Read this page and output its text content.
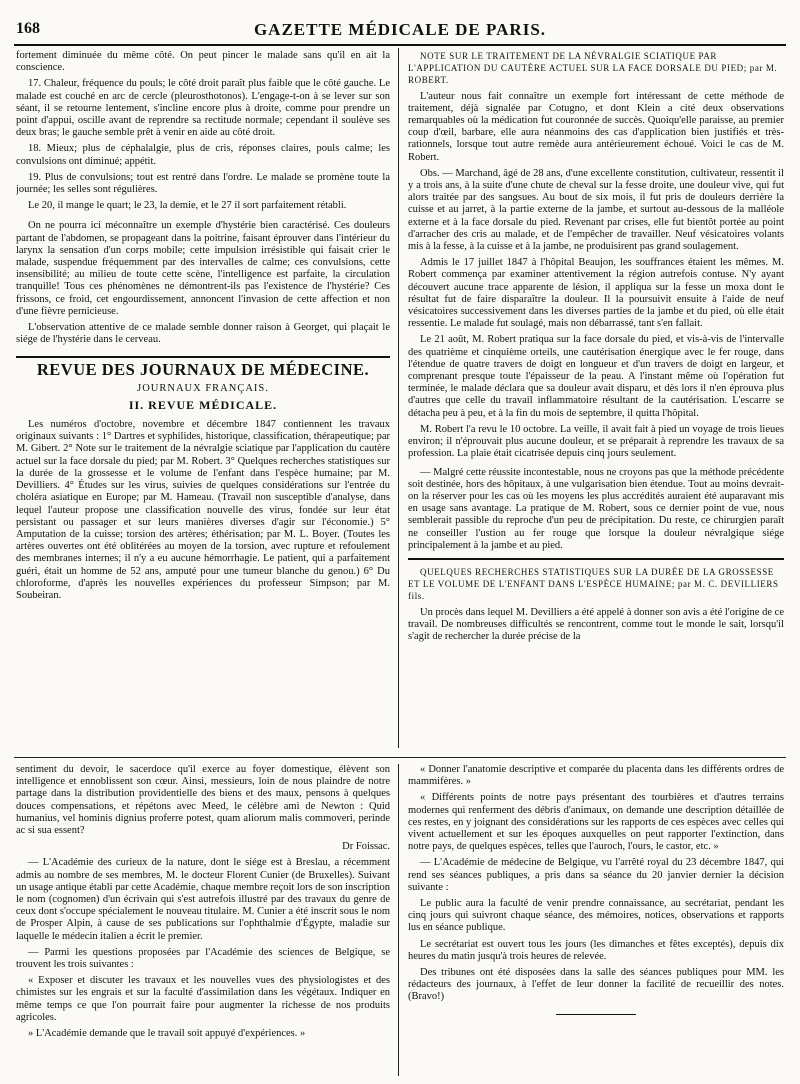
168	GAZETTE MÉDICALE DE PARIS.

fortement diminuée du même côté. On peut pincer le malade sans qu'il en ait la conscience.

17. Chaleur, fréquence du pouls; le côté droit paraît plus faible que le côté gauche. Le malade est couché en arc de cercle (pleurosthotonos). L'engage-t-on à se lever sur son séant, il se retourne lentement, s'incline encore plus à droite, comme pour prendre un point d'appui, oscille avant de reprendre sa rectitude normale; cependant il soulève ses deux bras; le gauche semble prêt à venir en aide au côté droit.

18. Mieux; plus de céphalalgie, plus de cris, réponses claires, pouls calme; les convulsions ont diminué; appétit.

19. Plus de convulsions; tout est rentré dans l'ordre. Le malade se promène toute la journée; les selles sont régulières.

Le 20, il mange le quart; le 23, la demie, et le 27 il sort parfaitement rétabli.

On ne pourra ici méconnaître un exemple d'hystérie bien caractérisé. Ces douleurs partant de l'abdomen, se propageant dans la poitrine, faisant éprouver dans l'intérieur du larynx la sensation d'un corps mobile; cette impulsion irrésistible qui faisait crier le malade, suspendue fréquemment par des intervalles de calme; ces convulsions, cette insensibilité; au milieu de toute cette scène, l'intelligence est parfaite, la circulation tranquille! Tous ces phénomènes ne démontrent-ils pas l'existence de l'hystérie? Ces frissons, ce froid, cet engourdissement, annoncent l'invasion de cette affection et non d'une fièvre pernicieuse.

L'observation attentive de ce malade semble donner raison à Georget, qui plaçait le siége de l'hystérie dans le cerveau.

REVUE DES JOURNAUX DE MÉDECINE.
JOURNAUX FRANÇAIS.
II. REVUE MÉDICALE.

Les numéros d'octobre, novembre et décembre 1847 contiennent les travaux originaux suivants : 1° Dartres et syphilides, historique, classification, thérapeutique; par M. Gibert. 2° Note sur le traitement de la névralgie sciatique par l'application du cautère actuel sur la face dorsale du pied; par M. Robert. 3° Quelques recherches statistiques sur la durée de la grossesse et le volume de l'enfant dans l'espèce humaine; par M. Devilliers. 4° Études sur les virus, suivies de quelques considérations sur l'entrée du choléra asiatique en Europe; par M. Hameau. (Travail non susceptible d'analyse, dans lequel l'auteur propose une classification nouvelle des virus, fondée sur leur état persistant ou passager et sur leurs manières diverses d'agir sur l'économie.) 5° Amputation de la cuisse; torsion des artères; éthérisation; par M. L. Boyer. (Toutes les artères ouvertes ont été oblitérées au moyen de la torsion, avec rupture et refoulement des membranes internes; il n'y a eu aucune hémorrhagie. Le patient, qui a parfaitement guéri, était un homme de 52 ans, amputé pour une tumeur blanche du genou.) 6° Du chloroforme, d'après les nouvelles expériences du professeur Simpson; par M. Soubeiran.

NOTE SUR LE TRAITEMENT DE LA NÉVRALGIE SCIATIQUE PAR L'APPLICATION DU CAUTÈRE ACTUEL SUR LA FACE DORSALE DU PIED; par M. ROBERT.

L'auteur nous fait connaître un exemple fort intéressant de cette méthode de traitement, déjà signalée par Cotugno, et dont Klein a cité deux observations remarquables où la médication fut couronnée de succès. Quoiqu'elle paraisse, au premier coup d'œil, barbare, elle aura néanmoins des cas d'application bien justifiés et très-rationnels, lorsque tout autre remède aura antérieurement échoué. Voici le cas de M. Robert.

Obs. — Marchand, âgé de 28 ans, d'une excellente constitution, cultivateur, ressentit il y a trois ans, à la suite d'une chute de cheval sur la fesse droite, une douleur vive, qui fut alors traitée par des sangsues. Au bout de six mois, il fut pris de douleurs derrière la cuisse et au jarret, à la partie externe de la jambe, et surtout au-dessous de la malléole externe et à la face dorsale du pied. Revenant par crises, elle fut bientôt portée au point d'arracher des cris au malade, et de l'empêcher de travailler. Neuf vésicatoires volants mis à la fesse, à la cuisse et à la jambe, ne produisirent pas grand soulagement.

Admis le 17 juillet 1847 à l'hôpital Beaujon, les souffrances étaient les mêmes. M. Robert commença par examiner attentivement la région autrefois contuse. N'y ayant découvert aucune trace apparente de lésion, il appliqua sur la fesse un moxa dont le résultat fut de faire disparaître la douleur. Il la poursuivit ensuite à l'aide de neuf vésicatoires successivement dans les diverses parties de la jambe et du pied, où elle était ressentie. Le malade fut soulagé, mais non débarrassé, tant s'en fallait.

Le 21 août, M. Robert pratiqua sur la face dorsale du pied, et vis-à-vis de l'intervalle des quatrième et cinquième orteils, une cautérisation énergique avec le fer rouge, dans l'étendue de quatre travers de doigt en longueur et d'un travers de doigt en largeur, et comprenant presque toute l'épaisseur de la peau. A l'instant même où l'opération fut terminée, le malade déclara que sa douleur avait disparu, et dès lors il n'en éprouva plus d'autres que celle du travail inflammatoire résultant de la cautérisation. L'escarre se détacha peu à peu, et à la fin du mois de septembre, il quitta l'hôpital.

M. Robert l'a revu le 10 octobre. La veille, il avait fait à pied un voyage de trois lieues environ; il n'éprouvait plus aucune douleur, et se préparait à reprendre les travaux de sa profession. La plaie était cicatrisée depuis cinq jours seulement.

— Malgré cette réussite incontestable, nous ne croyons pas que la méthode précédente soit destinée, hors des hôpitaux, à une vulgarisation bien étendue. Tout au moins devrait-on la réserver pour les cas où les moyens les plus accrédités auraient été auparavant mis en usage sans avantage. La pratique de M. Robert, sous ce dernier point de vue, nous semblerait passible du reproche d'un peu de précipitation. Du reste, ce chirurgien paraît ne conseiller l'ustion au fer rouge que lorsque la douleur névralgique siége principalement à la jambe et au pied.

QUELQUES RECHERCHES STATISTIQUES SUR LA DURÉE DE LA GROSSESSE ET LE VOLUME DE L'ENFANT DANS L'ESPÈCE HUMAINE; par M. C. DEVILLIERS fils.

Un procès dans lequel M. Devilliers a été appelé à donner son avis a été l'origine de ce travail. De nombreuses difficultés se rencontrent, comme tout le monde le sait, lorsqu'il s'agit de rechercher la durée précise de la

sentiment du devoir, le sacerdoce qu'il exerce au foyer domestique, élèvent son intelligence et ennoblissent son cœur. Ainsi, messieurs, loin de nous plaindre de notre partage dans la distribution providentielle des biens et des maux, pensons à quelques douces compensations, et répétons avec Meed, le célèbre ami de Newton : Quid humanius, vel hominis dignius proferre potest, quam aliorum malis commoveri, perinde ac si sua essent?

Dr Foissac.

— L'Académie des curieux de la nature, dont le siége est à Breslau, a récemment admis au nombre de ses membres, M. le docteur Florent Cunier (de Bruxelles). Suivant un usage antique établi par cette Académie, chaque membre reçoit lors de son inscription le nom (cognomen) d'un écrivain qui s'est autrefois illustré par des travaux du genre de ceux dont s'occupe spécialement le nouveau titulaire. M. Cunier a été inscrit sous le nom de Prosper Alpin, à cause de ses publications sur l'ophthalmie d'Égypte, maladie sur laquelle le médecin italien a écrit le premier.

— Parmi les questions proposées par l'Académie des sciences de Belgique, se trouvent les trois suivantes :

« Exposer et discuter les travaux et les nouvelles vues des physiologistes et des chimistes sur les engrais et sur la faculté d'assimilation dans les végétaux. Indiquer en même temps ce que l'on pourrait faire pour augmenter la richesse de nos produits agricoles.

» L'Académie demande que le travail soit appuyé d'expériences. »

« Donner l'anatomie descriptive et comparée du placenta dans les différents ordres de mammifères. »

« Différents points de notre pays présentant des tourbières et d'autres terrains modernes qui renferment des débris d'animaux, on demande une description détaillée de ces restes, en y joignant des considérations sur les rapports de ces espèces avec celles qui vivent actuellement et sur les époques auxquelles on peut rapporter l'extinction, dans notre pays, de quelques espèces, telles que l'auroch, l'ours, le castor, etc. »

— L'Académie de médecine de Belgique, vu l'arrêté royal du 23 décembre 1847, qui rend ses séances publiques, a pris dans sa séance du 20 janvier dernier la décision suivante :

Le public aura la faculté de venir prendre connaissance, au secrétariat, pendant les cinq jours qui suivront chaque séance, des mémoires, notices, observations et rapports lus en séance publique.

Le secrétariat est ouvert tous les jours (les dimanches et fêtes exceptés), depuis dix heures du matin jusqu'à trois heures de relevée.

Des tribunes ont été disposées dans la salle des séances publiques pour MM. les rédacteurs des journaux, à l'effet de leur donner la facilité de recueillir des notes. (Bravo!)
